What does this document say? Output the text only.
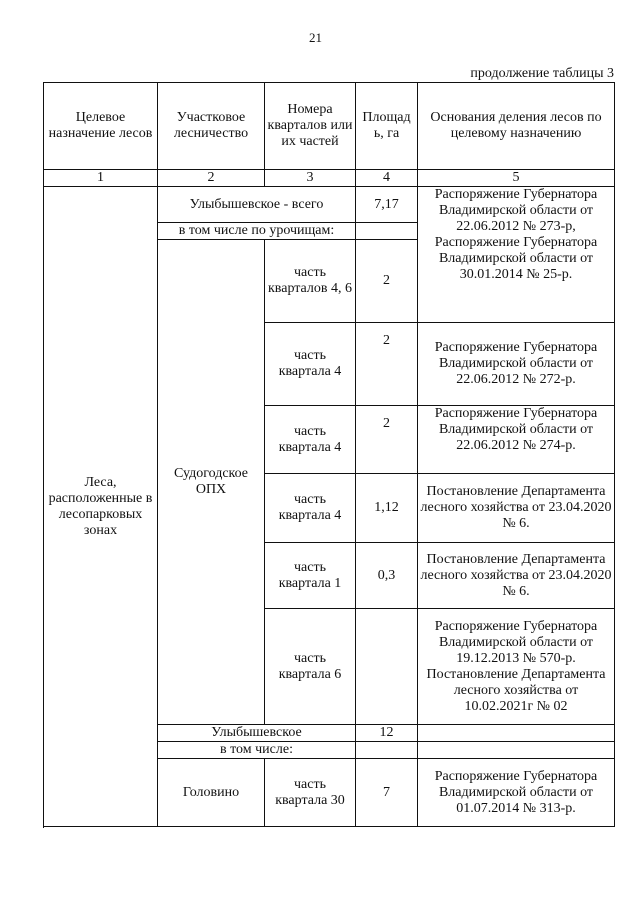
21
продолжение таблицы 3
Целевое назначение лесов	Участковое лесничество	Номера кварталов или их частей	Площад ь, га	Основания деления лесов по целевому назначению
1	2	3	4	5
Леса, расположенные в лесопарковых зонах	Улыбышевское - всего		7,17	Распоряжение Губернатора Владимирской области от 22.06.2012 № 273-р, Распоряжение Губернатора Владимирской области от 30.01.2014 № 25-р.
	в том числе по урочищам:			
	Судогодское ОПХ	часть кварталов 4, 6	2	

		часть квартала 4	2	Распоряжение Губернатора Владимирской области от 22.06.2012 № 272-р.
		часть квартала 4	2	Распоряжение Губернатора Владимирской области от 22.06.2012 № 274-р.
		часть квартала 4	1,12	Постановление Департамента лесного хозяйства от 23.04.2020 № 6.
		часть квартала 1	0,3	Постановление Департамента лесного хозяйства от 23.04.2020 № 6.
		часть квартала 6		Распоряжение Губернатора Владимирской области от 19.12.2013 № 570-р. Постановление Департамента лесного хозяйства от 10.02.2021г № 02

	Улыбышевское		12	
	в том числе:			
	Головино	часть квартала 30	7	Распоряжение Губернатора Владимирской области от 01.07.2014 № 313-р.
